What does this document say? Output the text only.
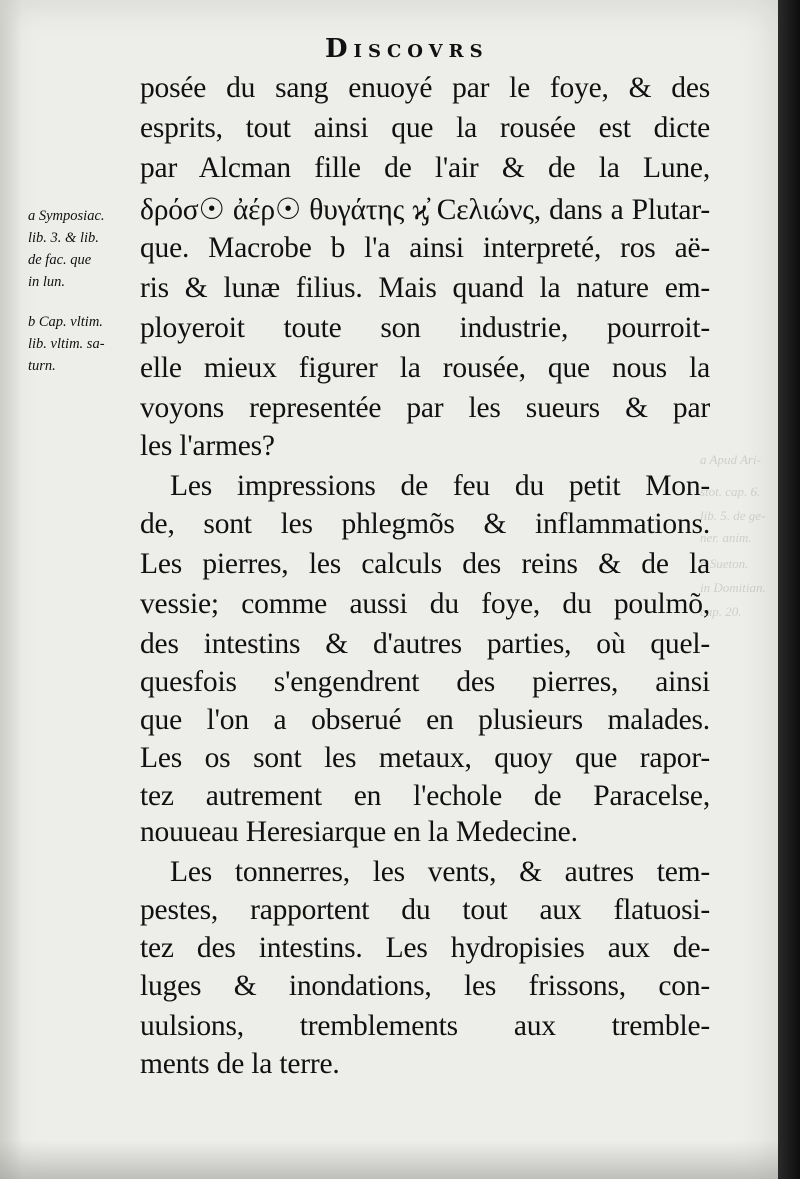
a Apud Ari-
stot. cap. 6.
lib. 5. de ge-
ner. anim.
b Sueton.
in Domitian.
cap. 20.
Discovrs
a Symposiac.
lib. 3. & lib.
de fac. que
in lun.
b Cap. vltim.
lib. vltim. sa-
turn.
posée du sang enuoyé par le foye, & des
esprits, tout ainsi que la rousée est dicte
par Alcman fille de l'air & de la Lune,
δρόσ☉ ἀέρ☉ θυγάτης ϗ̓ Cελιώνς, dans a Plutar-
que. Macrobe b l'a ainsi interpreté, ros aë-
ris & lunæ filius. Mais quand la nature em-
ployeroit toute son industrie, pourroit-
elle mieux figurer la rousée, que nous la
voyons representée par les sueurs & par
les l'armes?
Les impressions de feu du petit Mon-
de, sont les phlegmõs & inflammations.
Les pierres, les calculs des reins & de la
vessie; comme aussi du foye, du poulmõ,
des intestins & d'autres parties, où quel-
quesfois s'engendrent des pierres, ainsi
que l'on a obserué en plusieurs malades.
Les os sont les metaux, quoy que rapor-
tez autrement en l'echole de Paracelse,
nouueau Heresiarque en la Medecine.
Les tonnerres, les vents, & autres tem-
pestes, rapportent du tout aux flatuosi-
tez des intestins. Les hydropisies aux de-
luges & inondations, les frissons, con-
uulsions, tremblements aux tremble-
ments de la terre.
